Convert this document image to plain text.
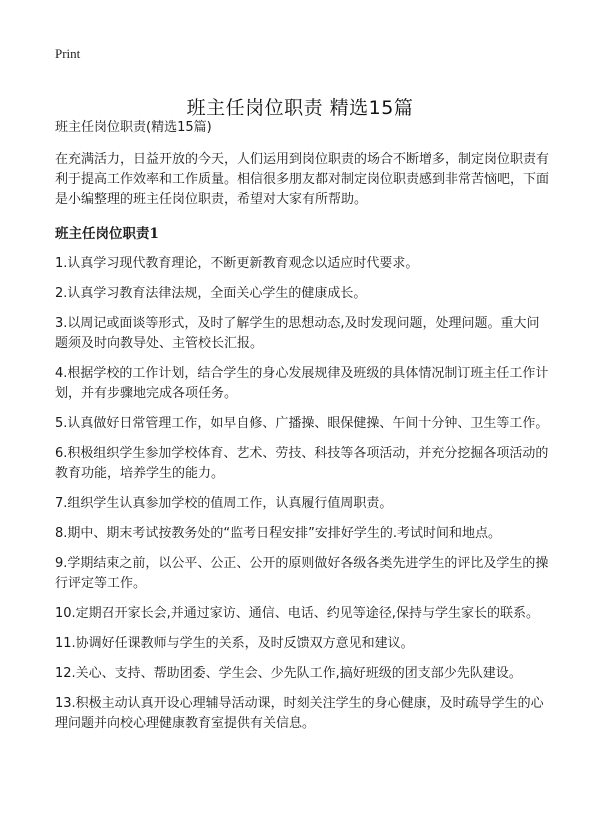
Print
班主任岗位职责 精选15篇

班主任岗位职责(精选15篇)

在充满活力，日益开放的今天，人们运用到岗位职责的场合不断增多，制定岗位职责有利于提高工作效率和工作质量。相信很多朋友都对制定岗位职责感到非常苦恼吧，下面是小编整理的班主任岗位职责，希望对大家有所帮助。

班主任岗位职责1
1.认真学习现代教育理论，不断更新教育观念以适应时代要求。
2.认真学习教育法律法规，全面关心学生的健康成长。
3.以周记或面谈等形式，及时了解学生的思想动态,及时发现问题，处理问题。重大问题须及时向教导处、主管校长汇报。
4.根据学校的工作计划，结合学生的身心发展规律及班级的具体情况制订班主任工作计划，并有步骤地完成各项任务。
5.认真做好日常管理工作，如早自修、广播操、眼保健操、午间十分钟、卫生等工作。
6.积极组织学生参加学校体育、艺术、劳技、科技等各项活动，并充分挖掘各项活动的教育功能，培养学生的能力。
7.组织学生认真参加学校的值周工作，认真履行值周职责。
8.期中、期末考试按教务处的“监考日程安排”安排好学生的.考试时间和地点。
9.学期结束之前，以公平、公正、公开的原则做好各级各类先进学生的评比及学生的操行评定等工作。
10.定期召开家长会,并通过家访、通信、电话、约见等途径,保持与学生家长的联系。
11.协调好任课教师与学生的关系，及时反馈双方意见和建议。
12.关心、支持、帮助团委、学生会、少先队工作,搞好班级的团支部少先队建设。
13.积极主动认真开设心理辅导活动课，时刻关注学生的身心健康，及时疏导学生的心理问题并向校心理健康教育室提供有关信息。
